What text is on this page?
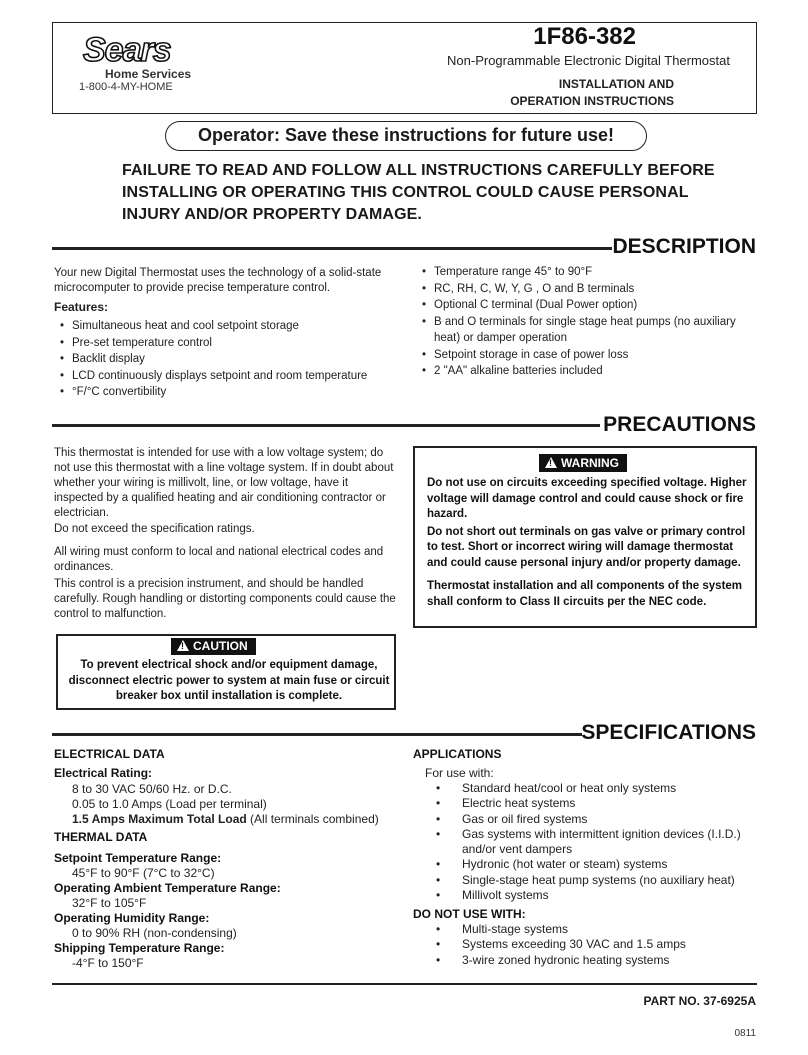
Sears
Home Services
1-800-4-MY-HOME
1F86-382
Non-Programmable Electronic Digital Thermostat
INSTALLATION AND
OPERATION INSTRUCTIONS
Operator: Save these instructions for future use!
FAILURE TO READ AND FOLLOW ALL INSTRUCTIONS CAREFULLY BEFORE INSTALLING OR OPERATING THIS CONTROL COULD CAUSE PERSONAL INJURY AND/OR PROPERTY DAMAGE.
DESCRIPTION
Your new Digital Thermostat uses the technology of a solid-state microcomputer to provide precise temperature control.
Features:
• Simultaneous heat and cool setpoint storage
• Pre-set temperature control
• Backlit display
• LCD continuously displays setpoint and room temperature
• °F/°C convertibility
• Temperature range 45° to 90°F
• RC, RH, C, W, Y, G , O and B terminals
• Optional C terminal (Dual Power option)
• B and O terminals for single stage heat pumps (no auxiliary heat) or damper operation
• Setpoint storage in case of power loss
• 2 "AA" alkaline batteries included
PRECAUTIONS
This thermostat is intended for use with a low voltage system; do not use this thermostat with a line voltage system. If in doubt about whether your wiring is millivolt, line, or low voltage, have it inspected by a qualified heating and air conditioning contractor or electrician.
Do not exceed the specification ratings.
All wiring must conform to local and national electrical codes and ordinances.
This control is a precision instrument, and should be handled carefully. Rough handling or distorting components could cause the control to malfunction.
! WARNING
Do not use on circuits exceeding specified voltage. Higher voltage will damage control and could cause shock or fire hazard.
Do not short out terminals on gas valve or primary control to test. Short or incorrect wiring will damage thermostat and could cause personal injury and/or property damage.
Thermostat installation and all components of the system shall conform to Class II circuits per the NEC code.
! CAUTION
To prevent electrical shock and/or equipment damage, disconnect electric power to system at main fuse or circuit breaker box until installation is complete.
SPECIFICATIONS
ELECTRICAL DATA
Electrical Rating:
8 to 30 VAC 50/60 Hz. or D.C.
0.05 to 1.0 Amps (Load per terminal)
1.5 Amps Maximum Total Load (All terminals combined)
THERMAL DATA
Setpoint Temperature Range:
45°F to 90°F (7°C to 32°C)
Operating Ambient Temperature Range:
32°F to 105°F
Operating Humidity Range:
0 to 90% RH (non-condensing)
Shipping Temperature Range:
-4°F to 150°F
APPLICATIONS
For use with:
• Standard heat/cool or heat only systems
• Electric heat systems
• Gas or oil fired systems
• Gas systems with intermittent ignition devices (I.I.D.) and/or vent dampers
• Hydronic (hot water or steam) systems
• Single-stage heat pump systems (no auxiliary heat)
• Millivolt systems
DO NOT USE WITH:
• Multi-stage systems
• Systems exceeding 30 VAC and 1.5 amps
• 3-wire zoned hydronic heating systems
PART NO. 37-6925A
0811
